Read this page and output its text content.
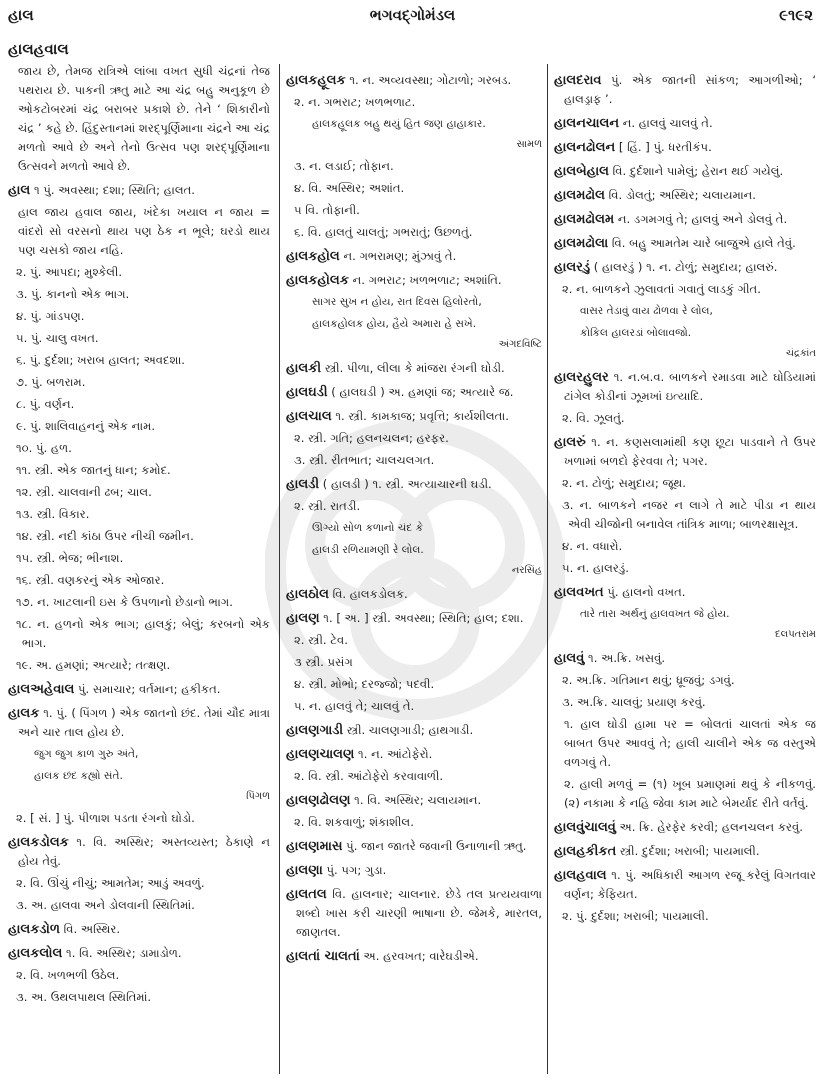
ભગવદ્‌ગોમંડલ
હાલ	૯૧૯૨
હાલહવાલ
જાય છે, તેમજ રાત્રિએ લાંબા વખત સુધી ચંદ્રનાં તેજ પથરાય છે. પાકની ઋતુ માટે આ ચંદ્ર બહુ અનુકૂળ છે ઓકટોબરમાં ચંદ્ર બરાબર પ્રકાશે છે. તેને ‘ શિકારીનો ચંદ્ર ’ કહે છે. હિંદુસ્તાનમાં શરદ્‌પૂર્ણિમાના ચંદ્રને આ ચંદ્ર મળતો આવે છે અને તેનો ઉત્સવ પણ શરદ્‌પૂર્ણિમાના ઉત્સવને મળતો આવે છે.
હાલ ૧ પું. અવસ્થા; દશા; સ્થિતિ; હાલત.
હાલ જાય હવાલ જાય, ખંદેકા ખયાલ ન જાય = વાંદરો સો વરસનો થાય પણ ઠેક ન ભૂલે; ઘરડો થાય પણ ચસકો જાય નહિ.
૨. પું. આપદા; મુશ્કેલી.
૩. પું. કાનનો એક ભાગ.
૪. પું. ગાંડપણ.
૫. પું. ચાલુ વખત.
૬. પું. દુર્દશા; ખરાબ હાલત; અવદશા.
૭. પું. બળરામ.
૮. પું. વર્ણન.
૯. પું. શાલિવાહનનું એક નામ.
૧૦. પું. હળ.
૧૧. સ્ત્રી. એક જાતનું ધાન; કમોદ.
૧૨. સ્ત્રી. ચાલવાની ઢબ; ચાલ.
૧૩. સ્ત્રી. વિકાર.
૧૪. સ્ત્રી. નદી કાંઠા ઉપર નીચી જમીન.
૧૫. સ્ત્રી. ભેજ; ભીનાશ.
૧૬. સ્ત્રી. વણકરનું એક ઓજાર.
૧૭. ન. ખાટલાની ઇસ કે ઉપળાનો છેડાનો ભાગ.
૧૮. ન. હળનો એક ભાગ; હાલકું; બેલું; કરબનો એક ભાગ.
૧૯. અ. હમણાં; અત્યારે; તત્ક્ષણ.
હાલઅહેવાલ પું. સમાચાર; વર્તમાન; હકીકત.
હાલક ૧. પું. ( પિંગળ ) એક જાતનો છંદ. તેમાં ચૌદ માત્રા અને ચાર તાલ હોય છે.
જુગ જુગ કાળ ગુરુ અંતે,
હાલક છંદ કહ્યો સંતે.
પિંગળ
૨. [ સં. ] પું. પીળાશ પડતા રંગનો ઘોડો.
હાલકડોલક ૧. વિ. અસ્થિર; અસ્તવ્યસ્ત; ઠેકાણે ન હોય તેવું.
૨. વિ. ઊંચું નીચું; આમતેમ; આડું અવળું.
૩. અ. હાલવા અને ડોલવાની સ્થિતિમાં.
હાલકડોળ વિ. અસ્થિર.
હાલકલોલ ૧. વિ. અસ્થિર; ડામાડોળ.
૨. વિ. ખળભળી ઉઠેલ.
૩. અ. ઉથલપાથલ સ્થિતિમાં.
હાલકહૂલક ૧. ન. અવ્યવસ્થા; ગોટાળો; ગરબડ.
૨. ન. ગભરાટ; ખળભળાટ.
હાલકહૂલક બહુ થયું હિત જણ હાહાકાર.
સામળ
૩. ન. લડાઈ; તોફાન.
૪. વિ. અસ્થિર; અશાંત.
૫ વિ. તોફાની.
૬. વિ. હાલતું ચાલતું; ગભરાતું; ઉછળતું.
હાલકહોલ ન. ગભરામણ; મુંઝાવું તે.
હાલકહોલક ન. ગભરાટ; ખળભળાટ; અશાંતિ.
સાગર સુખ ન હોય, રાત દિવસ હિલોરતો,
હાલકહોલક હોય, હૈયે અમારા હે સખે.
અંગદવિષ્ટિ
હાલકી સ્ત્રી. પીળા, લીલા કે માંજરા રંગની ઘોડી.
હાલઘડી ( હાલઘડી ) અ. હમણાં જ; અત્યારે જ.
હાલચાલ ૧. સ્ત્રી. કામકાજ; પ્રવૃત્તિ; કાર્યશીલતા.
૨. સ્ત્રી. ગતિ; હલનચલન; હરફર.
૩. સ્ત્રી. રીતભાત; ચાલચલગત.
હાલડી ( હાલડી ) ૧. સ્ત્રી. અત્યાચારની ઘડી.
૨. સ્ત્રી. રાતડી.
ઊગ્યો સોળ કળાનો ચંદ કે
હાલડી રળિયામણી રે લોલ.
નરસિંહ
હાલઠોલ વિ. હાલકડોલક.
હાલણ ૧. [ અ. ] સ્ત્રી. અવસ્થા; સ્થિતિ; હાલ; દશા.
૨. સ્ત્રી. ટેવ.
૩ સ્ત્રી. પ્રસંગ
૪. સ્ત્રી. મોભો; દરજ્જો; પદવી.
૫. ન. હાલવું તે; ચાલવું તે.
હાલણગાડી સ્ત્રી. ચાલણગાડી; હાથગાડી.
હાલણચાલણ ૧. ન. આંટોફેરો.
૨. વિ. સ્ત્રી. આંટોફેરો કરવાવાળી.
હાલણઢોલણ ૧. વિ. અસ્થિર; ચલાયમાન.
૨. વિ. શકવાળું; શંકાશીલ.
હાલણમાસ પું. જાન જાતરે જવાની ઉનાળાની ઋતુ.
હાલણા પું. પગ; ગુડા.
હાલતલ વિ. હાલનાર; ચાલનાર. છેડે તલ પ્રત્યયવાળા શબ્દો ખાસ કરી ચારણી ભાષાના છે. જેમકે, મારતલ, જાણતલ.
હાલતાં ચાલતાં અ. હરવખત; વારેઘડીએ.
હાલદરાવ પું. એક જાતની સાંકળ; આગળીઓ; ‘ હાલડ્રાફ ’.
હાલનચાલન ન. હાલવું ચાલવું તે.
હાલનઢોલન [ હિં. ] પું. ધરતીકંપ.
હાલબેહાલ વિ. દુર્દશાને પામેલું; હેરાન થઈ ગયેલું.
હાલમઢોલ વિ. ડોલતું; અસ્થિર; ચલાયમાન.
હાલમઢોલમ ન. ડગમગવું તે; હાલવું અને ડોલવું તે.
હાલમઢોલા વિ. બહુ આમતેમ ચારે બાજુએ હાલે તેવું.
હાલરડું ( હાલરડું ) ૧. ન. ટોળું; સમુદાય; હાલરું.
૨. ન. બાળકને ઝુલાવતાં ગવાતું લાડકું ગીત.
વાસર તેડાવું વાય ઢોળવા રે લોલ,
કોકિલ હાલરડાં બોલાવજો.
ચંદ્રકાંત
હાલરહુલર ૧. ન.બ.વ. બાળકને રમાડવા માટે ઘોડિયામાં ટાંગેલ કોડીનાં ઝૂમખાં ઇત્યાદિ.
૨. વિ. ઝૂલતું.
હાલરું ૧. ન. કણસલામાંથી કણ છૂટા પાડવાને તે ઉપર ખળામાં બળદો ફેરવવા તે; પગર.
૨. ન. ટોળું; સમુદાય; જૂથ.
૩. ન. બાળકને નજર ન લાગે તે માટે પીડા ન થાય એવી ચીજોની બનાવેલ તાંત્રિક માળા; બાળરક્ષાસૂત્ર.
૪. ન. વધારો.
૫. ન. હાલરડું.
હાલવખત પું. હાલનો વખત.
તારે તારા અર્થનું હાલવખત જે હોય.
દલપતરામ
હાલવું ૧. અ.ક્રિ. ખસવું.
૨. અ.ક્રિ. ગતિમાન થવું; ધ્રૂજવું; ડગવું.
૩. અ.ક્રિ. ચાલવું; પ્રયાણ કરવું.
૧. હાલ ઘોડી હામા પર = બોલતાં ચાલતાં એક જ બાબત ઉપર આવવું તે; હાલી ચાલીને એક જ વસ્તુએ વળગવું તે.
૨. હાલી મળવું = (૧) ખૂબ પ્રમાણમાં થવું કે નીકળવું. (૨) નકામા કે નહિ જેવા કામ માટે બેમર્યાદ રીતે વર્તવું.
હાલવુંચાલવું અ. ક્રિ. હેરફેર કરવી; હલનચલન કરવું.
હાલહકીકત સ્ત્રી. દુર્દશા; ખરાબી; પાયમાલી.
હાલહવાલ ૧. પું. અધિકારી આગળ રજૂ કરેલું વિગતવાર વર્ણન; કેફિયત.
૨. પું. દુર્દશા; ખરાબી; પાયમાલી.
